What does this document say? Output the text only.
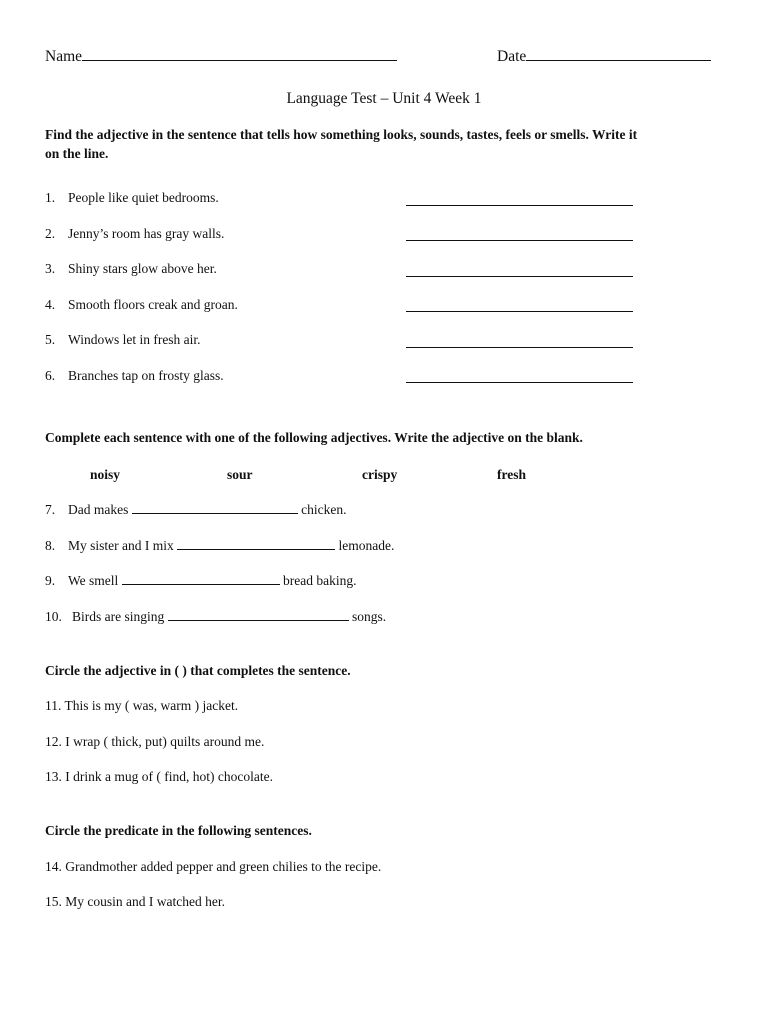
Name	Date
Language Test – Unit 4 Week 1
Find the adjective in the sentence that tells how something looks, sounds, tastes, feels or smells. Write it
on the line.
1. People like quiet bedrooms.
2. Jenny’s room has gray walls.
3. Shiny stars glow above her.
4. Smooth floors creak and groan.
5. Windows let in fresh air.
6. Branches tap on frosty glass.
Complete each sentence with one of the following adjectives. Write the adjective on the blank.
noisy	sour	crispy	fresh
7. Dad makes	chicken.
8. My sister and I mix	lemonade.
9. We smell	bread baking.
10. Birds are singing	songs.
Circle the adjective in ( ) that completes the sentence.
11. This is my ( was, warm ) jacket.
12. I wrap ( thick, put) quilts around me.
13. I drink a mug of ( find, hot) chocolate.
Circle the predicate in the following sentences.
14. Grandmother added pepper and green chilies to the recipe.
15. My cousin and I watched her.
